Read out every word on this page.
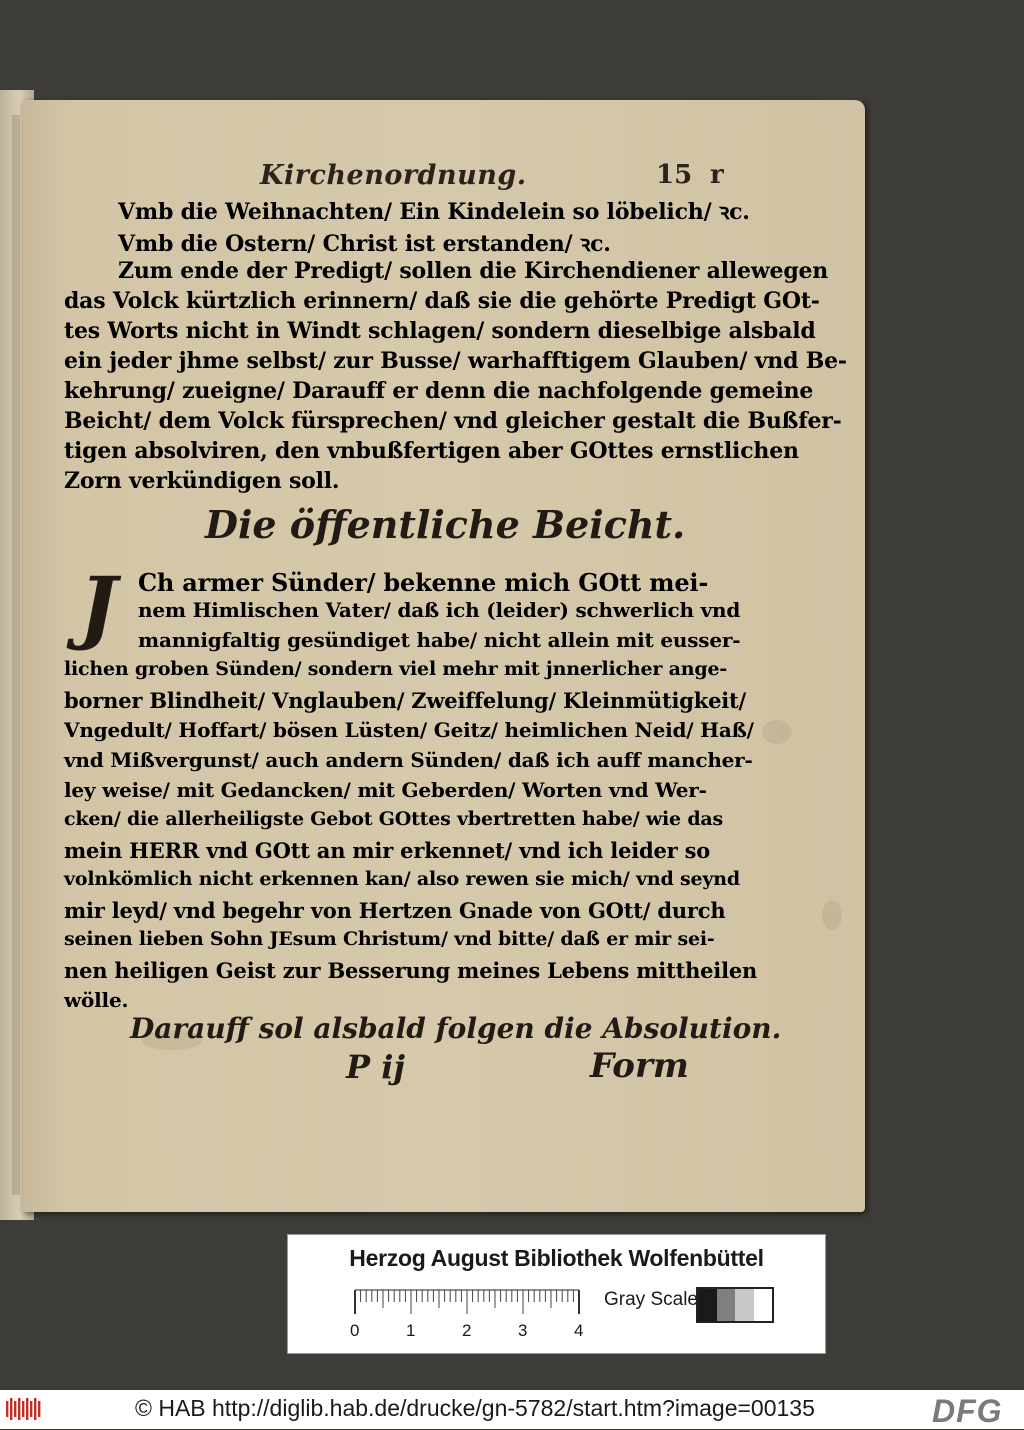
Kirchenordnung.	15 r
Vmb die Weihnachten/ Ein Kindelein so löbelich/ ꝛc.
Vmb die Ostern/ Christ ist erstanden/ ꝛc.
Zum ende der Predigt/ sollen die Kirchendiener allewegen
das Volck kürtzlich erinnern/ daß sie die gehörte Predigt GOt-
tes Worts nicht in Windt schlagen/ sondern dieselbige alsbald
ein jeder jhme selbst/ zur Busse/ warhafftigem Glauben/ vnd Be-
kehrung/ zueigne/ Darauff er denn die nachfolgende gemeine
Beicht/ dem Volck fürsprechen/ vnd gleicher gestalt die Bußfer-
tigen absolviren, den vnbußfertigen aber GOttes ernstlichen
Zorn verkündigen soll.
Die öffentliche Beicht.
J Ch armer Sünder/ bekenne mich GOtt mei-
nem Himlischen Vater/ daß ich (leider) schwerlich vnd
mannigfaltig gesündiget habe/ nicht allein mit eusser-
lichen groben Sünden/ sondern viel mehr mit jnnerlicher ange-
borner Blindheit/ Vnglauben/ Zweiffelung/ Kleinmütigkeit/
Vngedult/ Hoffart/ bösen Lüsten/ Geitz/ heimlichen Neid/ Haß/
vnd Mißvergunst/ auch andern Sünden/ daß ich auff mancher-
ley weise/ mit Gedancken/ mit Geberden/ Worten vnd Wer-
cken/ die allerheiligste Gebot GOttes vbertretten habe/ wie das
mein HERR vnd GOtt an mir erkennet/ vnd ich leider so
volnkömlich nicht erkennen kan/ also rewen sie mich/ vnd seynd
mir leyd/ vnd begehr von Hertzen Gnade von GOtt/ durch
seinen lieben Sohn JEsum Christum/ vnd bitte/ daß er mir sei-
nen heiligen Geist zur Besserung meines Lebens mittheilen
wölle.
Darauff sol alsbald folgen die Absolution.
P ij	Form
Herzog August Bibliothek Wolfenbüttel
0	1	2	3	4
Gray Scale
© HAB http://diglib.hab.de/drucke/gn-5782/start.htm?image=00135	DFG
